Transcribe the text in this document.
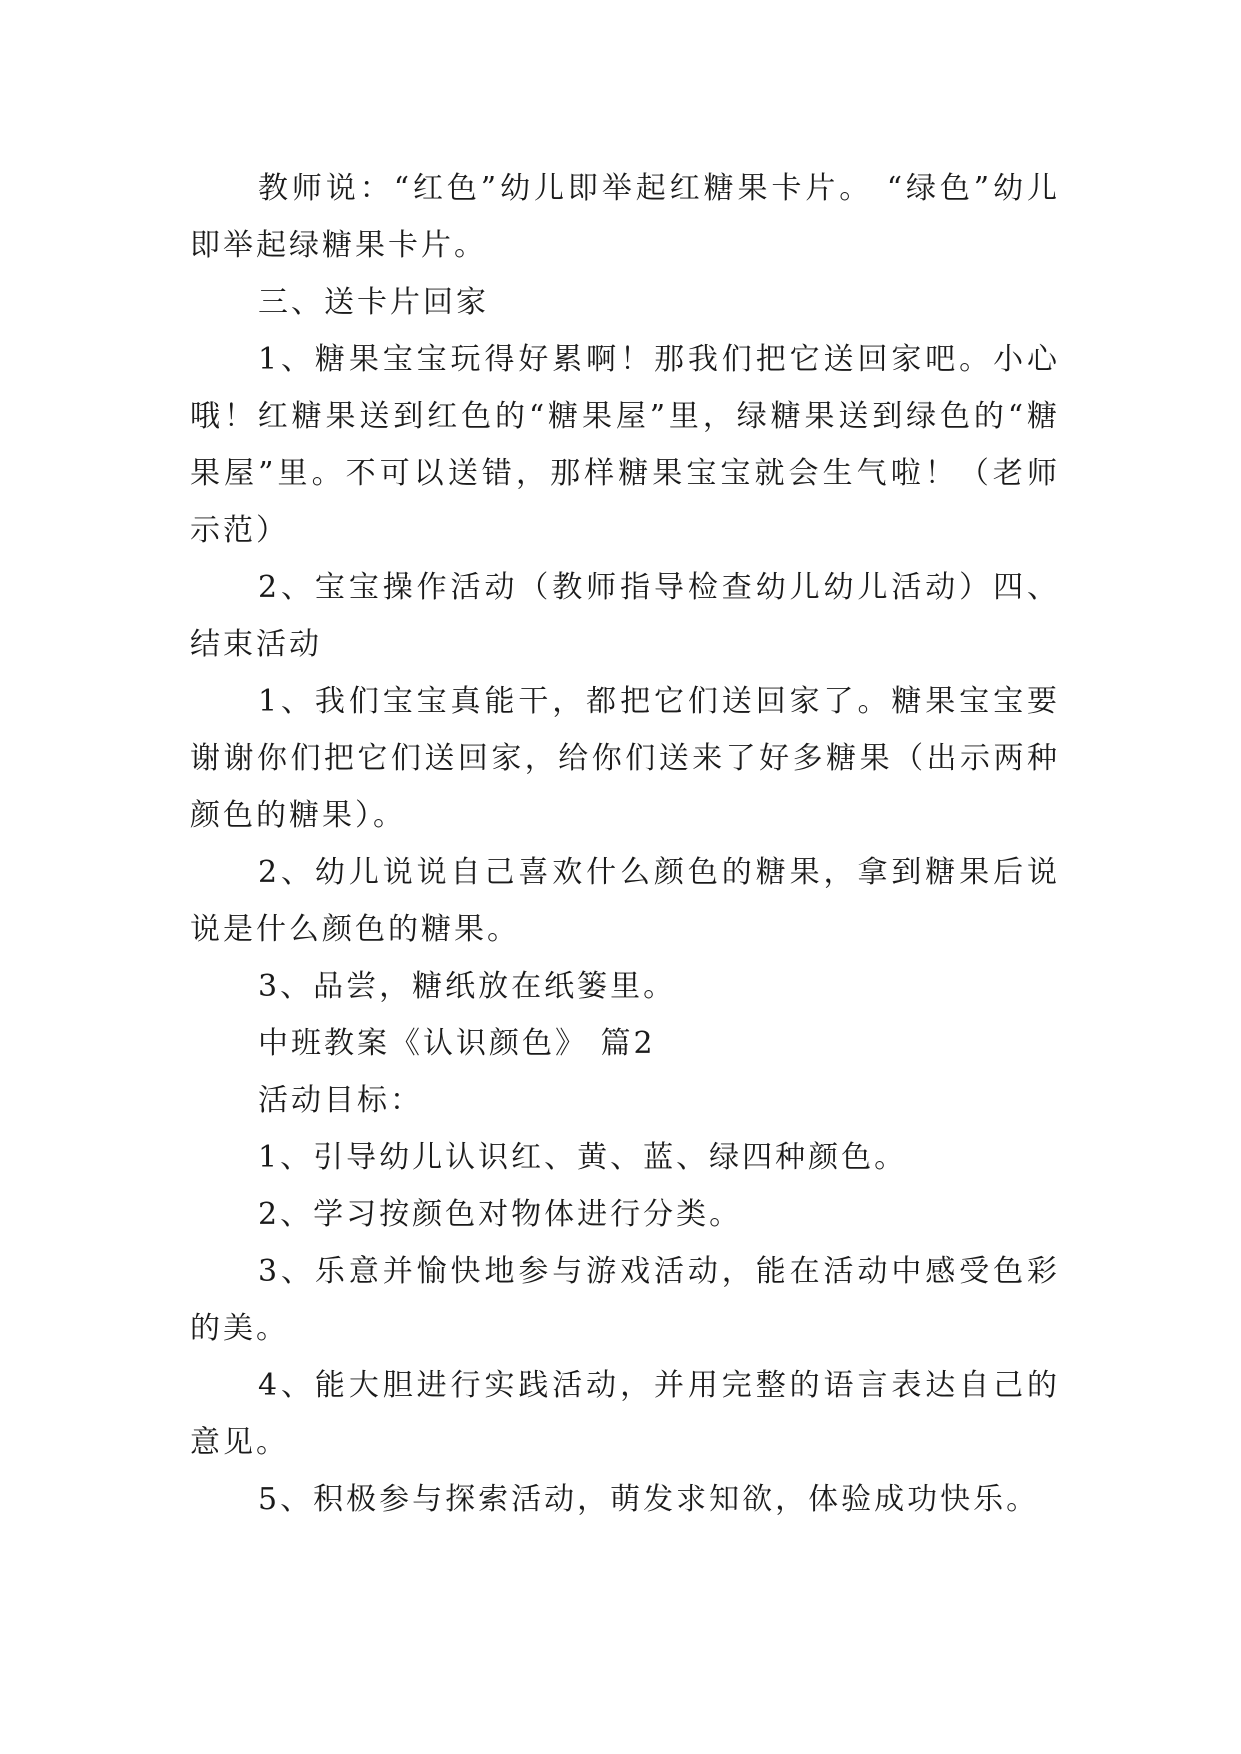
教师说：“红色”幼儿即举起红糖果卡片。 “绿色”幼儿即举起绿糖果卡片。

三、送卡片回家

1、糖果宝宝玩得好累啊！那我们把它送回家吧。小心哦！红糖果送到红色的“糖果屋”里，绿糖果送到绿色的“糖果屋”里。不可以送错，那样糖果宝宝就会生气啦！（老师示范）

2、宝宝操作活动（教师指导检查幼儿幼儿活动）四、结束活动

1、我们宝宝真能干，都把它们送回家了。糖果宝宝要谢谢你们把它们送回家，给你们送来了好多糖果（出示两种颜色的糖果）。

2、幼儿说说自己喜欢什么颜色的糖果，拿到糖果后说说是什么颜色的糖果。

3、品尝，糖纸放在纸篓里。

中班教案《认识颜色》 篇2

活动目标：

1、引导幼儿认识红、黄、蓝、绿四种颜色。

2、学习按颜色对物体进行分类。

3、乐意并愉快地参与游戏活动，能在活动中感受色彩的美。

4、能大胆进行实践活动，并用完整的语言表达自己的意见。

5、积极参与探索活动，萌发求知欲，体验成功快乐。
